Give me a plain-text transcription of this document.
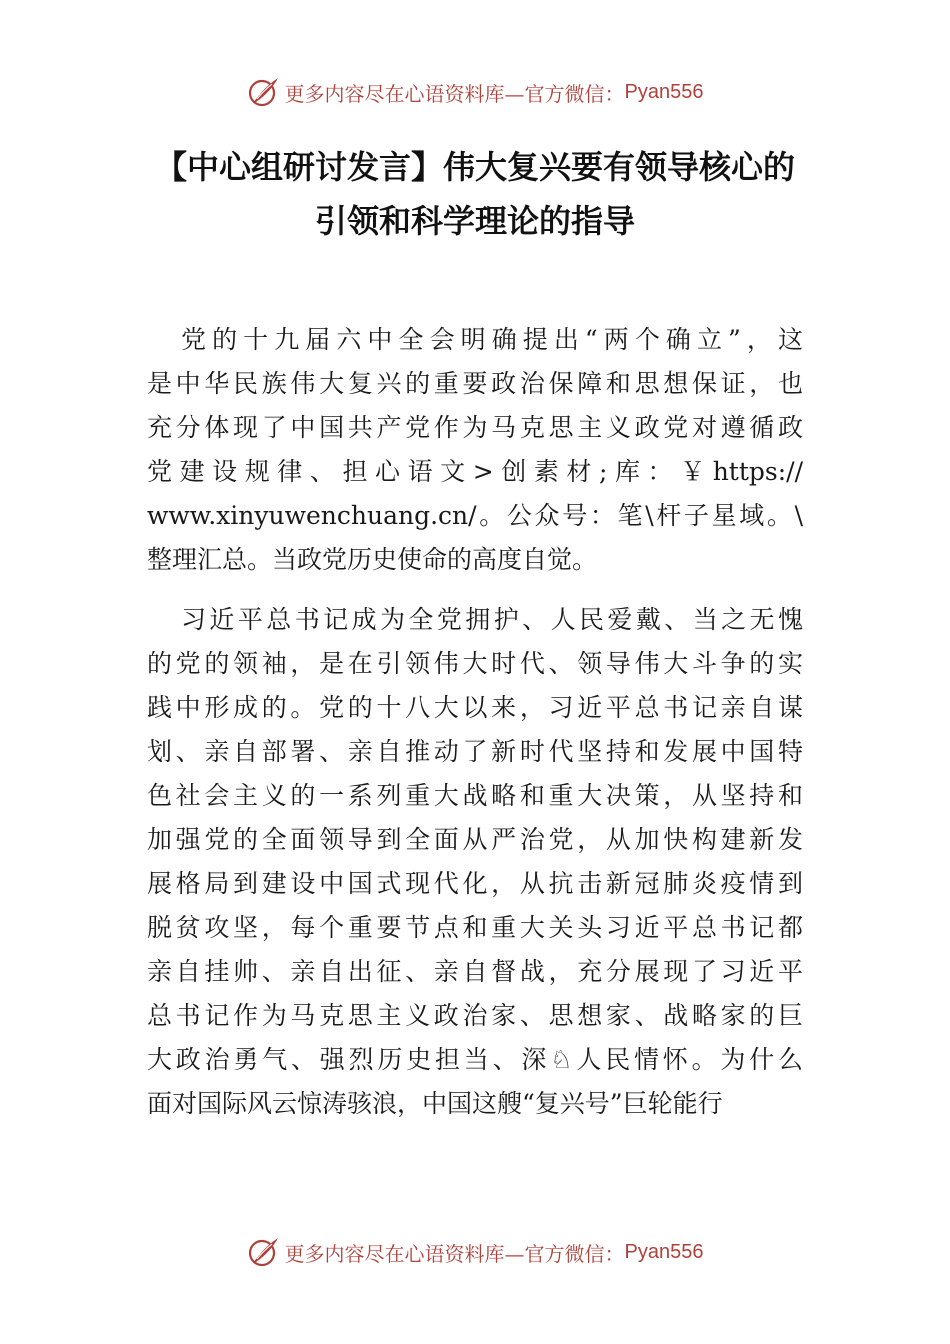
更多内容尽在心语资料库—官方微信： Pyan556
【中心组研讨发言】伟大复兴要有领导核心的
引领和科学理论的指导
党的十九届六中全会明确提出“两个确立”，这
是中华民族伟大复兴的重要政治保障和思想保证，也
充分体现了中国共产党作为马克思主义政党对遵循政
党建设规律、担心语文>创素材;库：￥https://
www.xinyuwenchuang.cn/。公众号：笔\杆子星域。\
整理汇总。当政党历史使命的高度自觉。
习近平总书记成为全党拥护、人民爱戴、当之无愧
的党的领袖，是在引领伟大时代、领导伟大斗争的实
践中形成的。党的十八大以来，习近平总书记亲自谋
划、亲自部署、亲自推动了新时代坚持和发展中国特
色社会主义的一系列重大战略和重大决策，从坚持和
加强党的全面领导到全面从严治党，从加快构建新发
展格局到建设中国式现代化，从抗击新冠肺炎疫情到
脱贫攻坚，每个重要节点和重大关头习近平总书记都
亲自挂帅、亲自出征、亲自督战，充分展现了习近平
总书记作为马克思主义政治家、思想家、战略家的巨
大政治勇气、强烈历史担当、深♘人民情怀。为什么
面对国际风云惊涛骇浪，中国这艘“复兴号”巨轮能行
更多内容尽在心语资料库—官方微信： Pyan556
